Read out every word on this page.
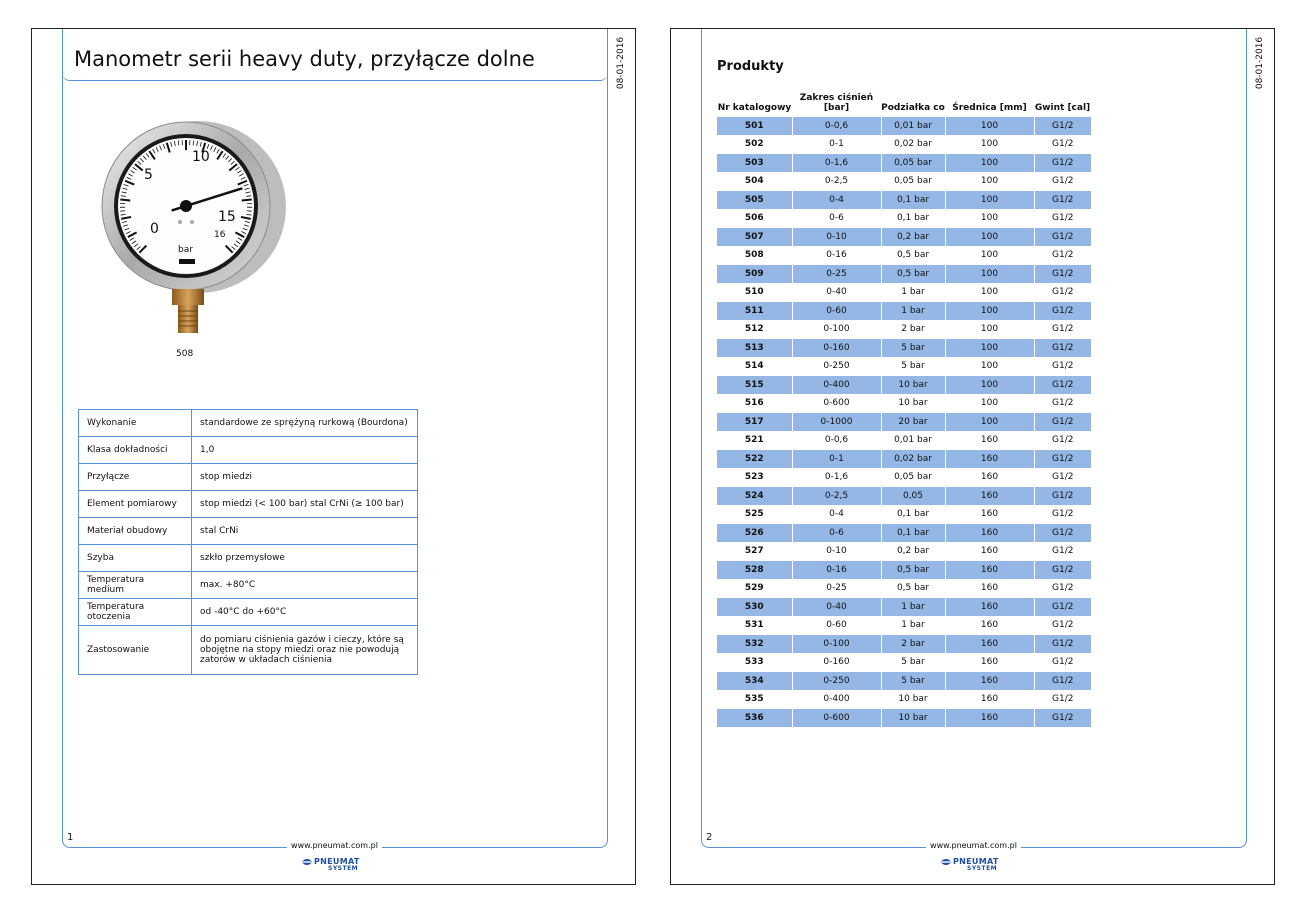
Manometr serii heavy duty, przyłącze dolne	08-01-2016
0
5
10
15
16
bar
508
Wykonanie	standardowe ze sprężyną rurkową (Bourdona)
Klasa dokładności	1,0
Przyłącze	stop miedzi
Element pomiarowy	stop miedzi (< 100 bar) stal CrNi (≥ 100 bar)
Materiał obudowy	stal CrNi
Szyba	szkło przemysłowe
Temperatura medium	max. +80°C
Temperatura otoczenia	od -40°C do +60°C
Zastosowanie	do pomiaru ciśnienia gazów i cieczy, które są obojętne na stopy miedzi oraz nie powodują zatorów w układach ciśnienia
1
www.pneumat.com.pl
PNEUMAT
SYSTEM
08-01-2016
Produkty
Nr katalogowy	Zakres ciśnień [bar]	Podziałka co	Średnica [mm]	Gwint [cal]
501	0-0,6	0,01 bar	100	G1/2
502	0-1	0,02 bar	100	G1/2
503	0-1,6	0,05 bar	100	G1/2
504	0-2,5	0,05 bar	100	G1/2
505	0-4	0,1 bar	100	G1/2
506	0-6	0,1 bar	100	G1/2
507	0-10	0,2 bar	100	G1/2
508	0-16	0,5 bar	100	G1/2
509	0-25	0,5 bar	100	G1/2
510	0-40	1 bar	100	G1/2
511	0-60	1 bar	100	G1/2
512	0-100	2 bar	100	G1/2
513	0-160	5 bar	100	G1/2
514	0-250	5 bar	100	G1/2
515	0-400	10 bar	100	G1/2
516	0-600	10 bar	100	G1/2
517	0-1000	20 bar	100	G1/2
521	0-0,6	0,01 bar	160	G1/2
522	0-1	0,02 bar	160	G1/2
523	0-1,6	0,05 bar	160	G1/2
524	0-2,5	0,05	160	G1/2
525	0-4	0,1 bar	160	G1/2
526	0-6	0,1 bar	160	G1/2
527	0-10	0,2 bar	160	G1/2
528	0-16	0,5 bar	160	G1/2
529	0-25	0,5 bar	160	G1/2
530	0-40	1 bar	160	G1/2
531	0-60	1 bar	160	G1/2
532	0-100	2 bar	160	G1/2
533	0-160	5 bar	160	G1/2
534	0-250	5 bar	160	G1/2
535	0-400	10 bar	160	G1/2
536	0-600	10 bar	160	G1/2
2
www.pneumat.com.pl
PNEUMAT
SYSTEM
